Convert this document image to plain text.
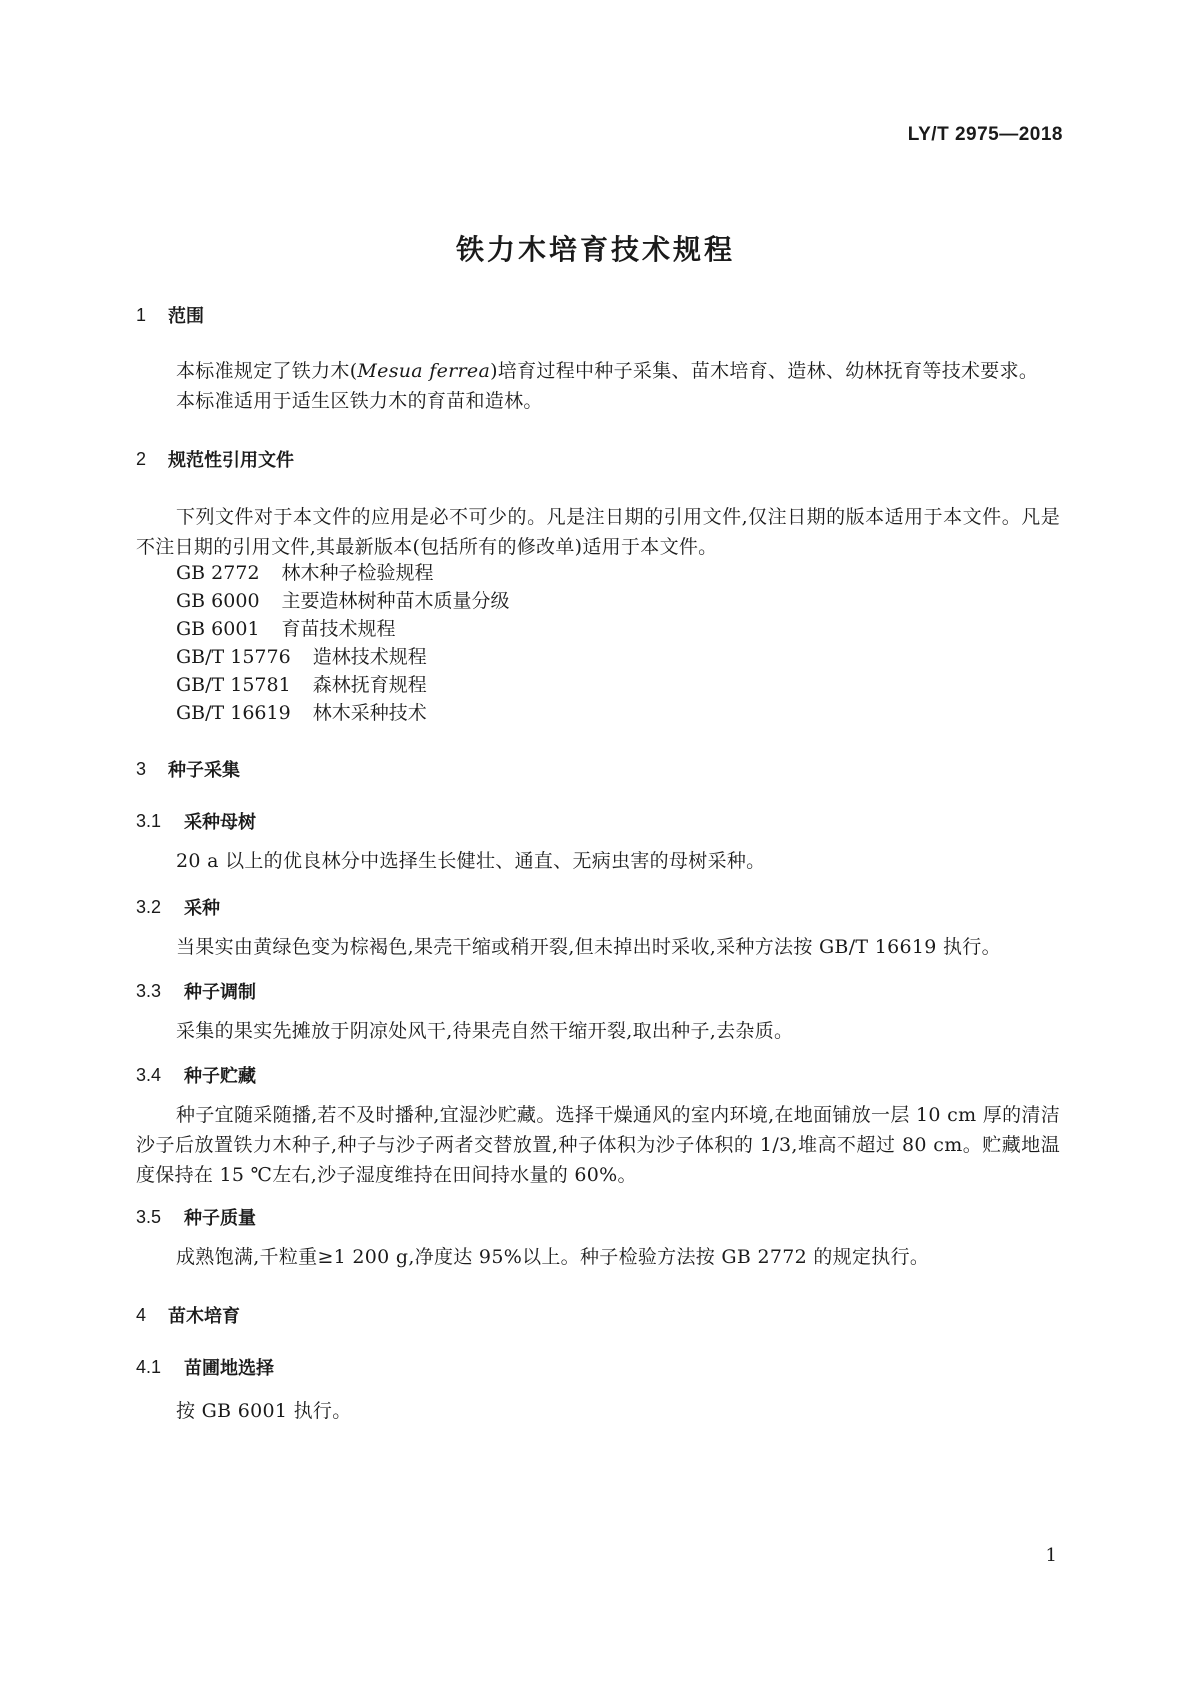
LY/T 2975—2018
铁力木培育技术规程
1	范围
本标准规定了铁力木(Mesua ferrea)培育过程中种子采集、苗木培育、造林、幼林抚育等技术要求。
本标准适用于适生区铁力木的育苗和造林。
2	规范性引用文件
下列文件对于本文件的应用是必不可少的。凡是注日期的引用文件,仅注日期的版本适用于本文件。凡是不注日期的引用文件,其最新版本(包括所有的修改单)适用于本文件。
GB 2772 林木种子检验规程
GB 6000 主要造林树种苗木质量分级
GB 6001 育苗技术规程
GB/T 15776 造林技术规程
GB/T 15781 森林抚育规程
GB/T 16619 林木采种技术
3	种子采集
3.1	采种母树
20 a 以上的优良林分中选择生长健壮、通直、无病虫害的母树采种。
3.2	采种
当果实由黄绿色变为棕褐色,果壳干缩或稍开裂,但未掉出时采收,采种方法按 GB/T 16619 执行。
3.3	种子调制
采集的果实先摊放于阴凉处风干,待果壳自然干缩开裂,取出种子,去杂质。
3.4	种子贮藏
种子宜随采随播,若不及时播种,宜湿沙贮藏。选择干燥通风的室内环境,在地面铺放一层 10 cm 厚的清洁沙子后放置铁力木种子,种子与沙子两者交替放置,种子体积为沙子体积的 1/3,堆高不超过 80 cm。贮藏地温度保持在 15 ℃左右,沙子湿度维持在田间持水量的 60%。
3.5	种子质量
成熟饱满,千粒重≥1 200 g,净度达 95%以上。种子检验方法按 GB 2772 的规定执行。
4	苗木培育
4.1	苗圃地选择
按 GB 6001 执行。
1
